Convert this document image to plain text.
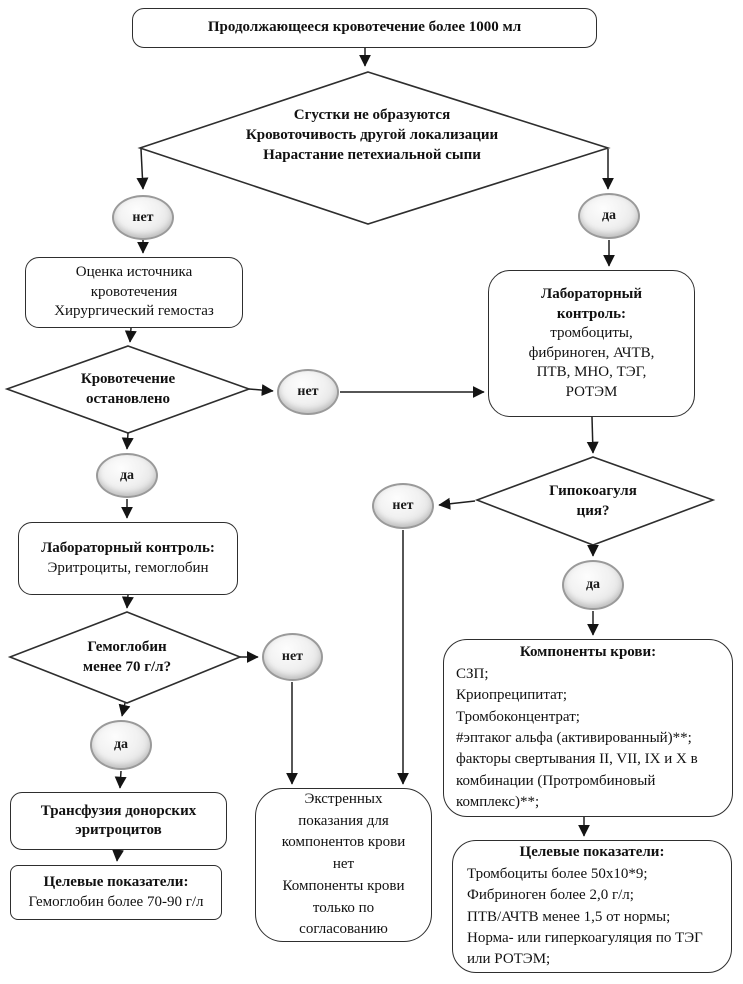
Продолжающееся кровотечение более 1000 мл
Сгустки не образуются
Кровоточивость другой локализации
Нарастание петехиальной сыпи
нет	да
Оценка источника кровотечения
Хирургический гемостаз
Лабораторный контроль:
тромбоциты, фибриноген, АЧТВ, ПТВ, МНО, ТЭГ, РОТЭМ
Кровотечение
остановлено	нет
да
Лабораторный контроль:
Эритроциты, гемоглобин
Гипокоагуля
ция?
нет
да
Гемоглобин
менее 70 г/л?
нет
да
Трансфузия донорских эритроцитов
Целевые показатели:
Гемоглобин более 70-90 г/л
Экстренных показания для компонентов крови нет
Компоненты крови только по согласованию
Компоненты крови:
СЗП;
Криопреципитат;
Тромбоконцентрат;
#эптаког альфа (активированный)**;
факторы свертывания II, VII, IX и X в комбинации (Протромбиновый комплекс)**;
Целевые показатели:
Тромбоциты более 50х10*9;
Фибриноген более 2,0 г/л;
ПТВ/АЧТВ менее 1,5 от нормы;
Норма- или гиперкоагуляция по ТЭГ или РОТЭМ;
